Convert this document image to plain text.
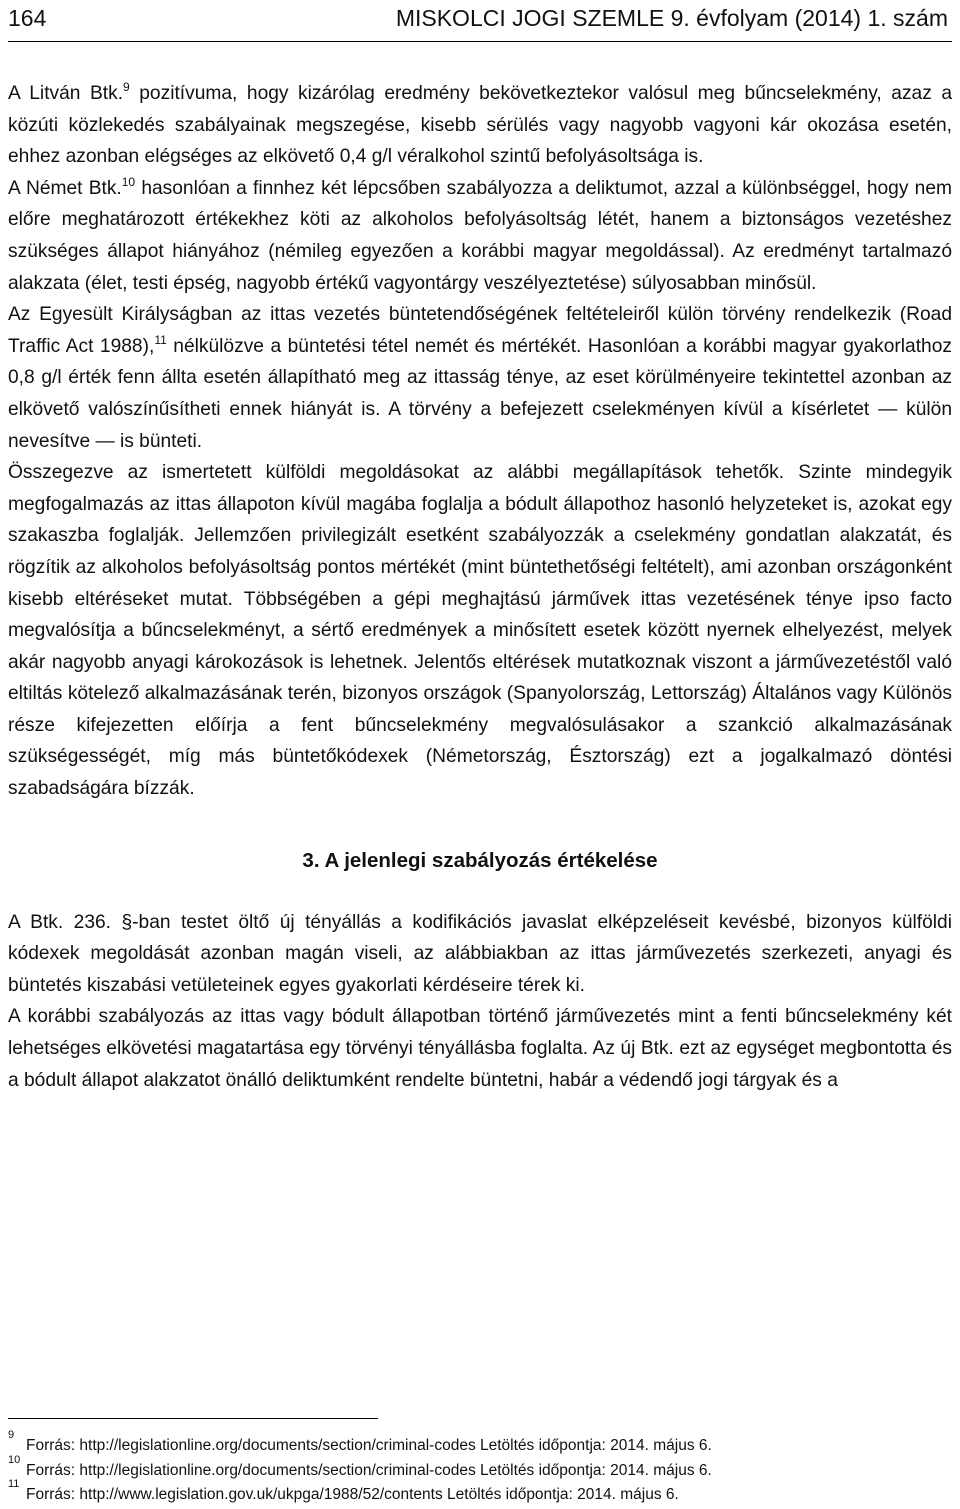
164	MISKOLCI JOGI SZEMLE 9. évfolyam (2014) 1. szám

A Litván Btk.$^9$ pozitívuma, hogy kizárólag eredmény bekövetkeztekor valósul meg bűncselekmény, azaz a közúti közlekedés szabályainak megszegése, kisebb sérülés vagy nagyobb vagyoni kár okozása esetén, ehhez azonban elégséges az elkövető 0,4 g/l véralkohol szintű befolyásoltsága is.

A Német Btk.$^{10}$ hasonlóan a finnhez két lépcsőben szabályozza a deliktumot, azzal a különbséggel, hogy nem előre meghatározott értékekhez köti az alkoholos befolyásoltság létét, hanem a biztonságos vezetéshez szükséges állapot hiányához (némileg egyezően a korábbi magyar megoldással). Az eredményt tartalmazó alakzata (élet, testi épség, nagyobb értékű vagyontárgy veszélyeztetése) súlyosabban minősül.

Az Egyesült Királyságban az ittas vezetés büntetendőségének feltételeiről külön törvény rendelkezik (Road Traffic Act 1988),$^{11}$ nélkülözve a büntetési tétel nemét és mértékét. Hasonlóan a korábbi magyar gyakorlathoz 0,8 g/l érték fenn állta esetén állapítható meg az ittasság ténye, az eset körülményeire tekintettel azonban az elkövető valószínűsítheti ennek hiányát is. A törvény a befejezett cselekményen kívül a kísérletet — külön nevesítve — is bünteti.

Összegezve az ismertetett külföldi megoldásokat az alábbi megállapítások tehetők. Szinte mindegyik megfogalmazás az ittas állapoton kívül magába foglalja a bódult állapothoz hasonló helyzeteket is, azokat egy szakaszba foglalják. Jellemzően privilegizált esetként szabályozzák a cselekmény gondatlan alakzatát, és rögzítik az alkoholos befolyásoltság pontos mértékét (mint büntethetőségi feltételt), ami azonban országonként kisebb eltéréseket mutat. Többségében a gépi meghajtású járművek ittas vezetésének ténye ipso facto megvalósítja a bűncselekményt, a sértő eredmények a minősített esetek között nyernek elhelyezést, melyek akár nagyobb anyagi károkozások is lehetnek. Jelentős eltérések mutatkoznak viszont a járművezetéstől való eltiltás kötelező alkalmazásának terén, bizonyos országok (Spanyolország, Lettország) Általános vagy Különös része kifejezetten előírja a fent bűncselekmény megvalósulásakor a szankció alkalmazásának szükségességét, míg más büntetőkódexek (Németország, Észtország) ezt a jogalkalmazó döntési szabadságára bízzák.

3. A jelenlegi szabályozás értékelése

A Btk. 236. §-ban testet öltő új tényállás a kodifikációs javaslat elképzeléseit kevésbé, bizonyos külföldi kódexek megoldását azonban magán viseli, az alábbiakban az ittas járművezetés szerkezeti, anyagi és büntetés kiszabási vetületeinek egyes gyakorlati kérdéseire térek ki.

A korábbi szabályozás az ittas vagy bódult állapotban történő járművezetés mint a fenti bűncselekmény két lehetséges elkövetési magatartása egy törvényi tényállásba foglalta. Az új Btk. ezt az egységet megbontotta és a bódult állapot alakzatot önálló deliktumként rendelte büntetni, habár a védendő jogi tárgyak és a

9
Forrás: http://legislationline.org/documents/section/criminal-codes Letöltés időpontja: 2014. május 6.
10
Forrás: http://legislationline.org/documents/section/criminal-codes Letöltés időpontja: 2014. május 6.
11
Forrás: http://www.legislation.gov.uk/ukpga/1988/52/contents Letöltés időpontja: 2014. május 6.
